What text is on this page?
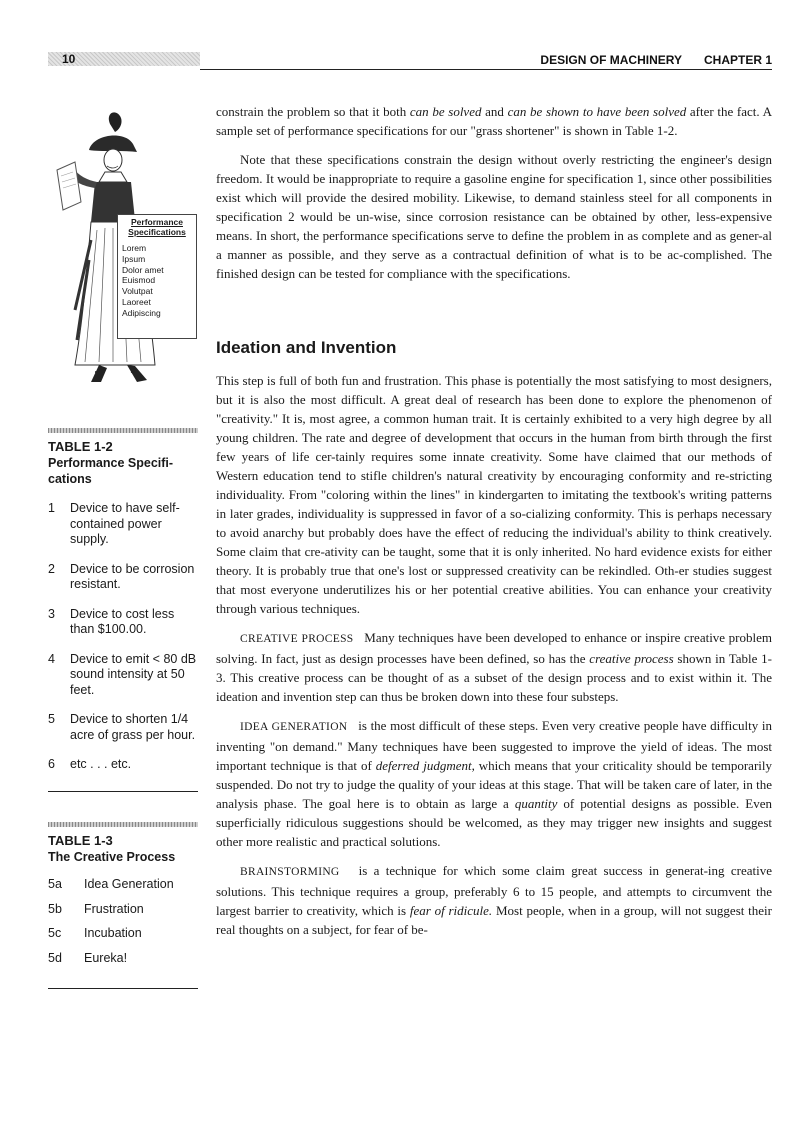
10	DESIGN OF MACHINERY CHAPTER 1
Performance Specifications
Lorem
Ipsum
Dolor amet
Euismod
Volutpat
Laoreet
Adipiscing
TABLE 1-2
Performance Specifi- cations
1	Device to have self-contained power supply.
2	Device to be corrosion resistant.
3	Device to cost less than $100.00.
4	Device to emit < 80 dB sound intensity at 50 feet.
5	Device to shorten 1/4 acre of grass per hour.
6	etc . . . etc.
TABLE 1-3
The Creative Process
5a	Idea Generation
5b	Frustration
5c	Incubation
5d	Eureka!

constrain the problem so that it both can be solved and can be shown to have been solved after the fact. A sample set of performance specifications for our "grass shortener" is shown in Table 1-2.

Note that these specifications constrain the design without overly restricting the engineer's design freedom. It would be inappropriate to require a gasoline engine for specification 1, since other possibilities exist which will provide the desired mobility. Likewise, to demand stainless steel for all components in specification 2 would be un-wise, since corrosion resistance can be obtained by other, less-expensive means. In short, the performance specifications serve to define the problem in as complete and as gener-al a manner as possible, and they serve as a contractual definition of what is to be ac-complished. The finished design can be tested for compliance with the specifications.

Ideation and Invention

This step is full of both fun and frustration. This phase is potentially the most satisfying to most designers, but it is also the most difficult. A great deal of research has been done to explore the phenomenon of "creativity." It is, most agree, a common human trait. It is certainly exhibited to a very high degree by all young children. The rate and degree of development that occurs in the human from birth through the first few years of life cer-tainly requires some innate creativity. Some have claimed that our methods of Western education tend to stifle children's natural creativity by encouraging conformity and re-stricting individuality. From "coloring within the lines" in kindergarten to imitating the textbook's writing patterns in later grades, individuality is suppressed in favor of a so-cializing conformity. This is perhaps necessary to avoid anarchy but probably does have the effect of reducing the individual's ability to think creatively. Some claim that cre-ativity can be taught, some that it is only inherited. No hard evidence exists for either theory. It is probably true that one's lost or suppressed creativity can be rekindled. Oth-er studies suggest that most everyone underutilizes his or her potential creative abilities. You can enhance your creativity through various techniques.

CREATIVE PROCESS Many techniques have been developed to enhance or inspire creative problem solving. In fact, just as design processes have been defined, so has the creative process shown in Table 1-3. This creative process can be thought of as a subset of the design process and to exist within it. The ideation and invention step can thus be broken down into these four substeps.

IDEA GENERATION is the most difficult of these steps. Even very creative people have difficulty in inventing "on demand." Many techniques have been suggested to improve the yield of ideas. The most important technique is that of deferred judgment, which means that your criticality should be temporarily suspended. Do not try to judge the quality of your ideas at this stage. That will be taken care of later, in the analysis phase. The goal here is to obtain as large a quantity of potential designs as possible. Even superficially ridiculous suggestions should be welcomed, as they may trigger new insights and suggest other more realistic and practical solutions.

BRAINSTORMING is a technique for which some claim great success in generat-ing creative solutions. This technique requires a group, preferably 6 to 15 people, and attempts to circumvent the largest barrier to creativity, which is fear of ridicule. Most people, when in a group, will not suggest their real thoughts on a subject, for fear of be-
